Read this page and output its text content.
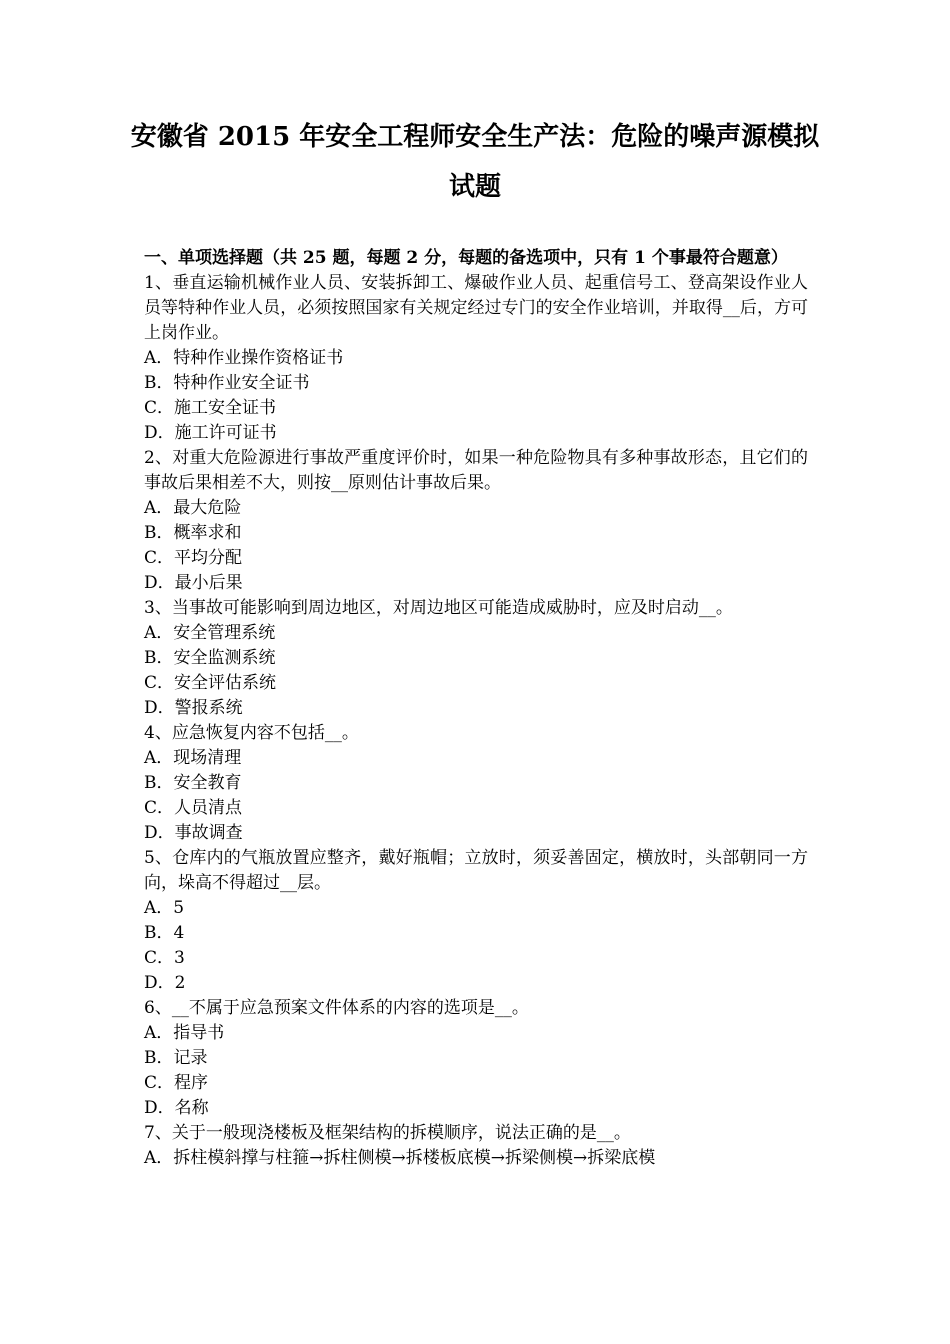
安徽省 2015 年安全工程师安全生产法：危险的噪声源模拟
试题
一、单项选择题（共 25 题，每题 2 分，每题的备选项中，只有 1 个事最符合题意）
1、垂直运输机械作业人员、安装拆卸工、爆破作业人员、起重信号工、登高架设作业人员等特种作业人员，必须按照国家有关规定经过专门的安全作业培训，并取得__后，方可上岗作业。
A．特种作业操作资格证书
B．特种作业安全证书
C．施工安全证书
D．施工许可证书
2、对重大危险源进行事故严重度评价时，如果一种危险物具有多种事故形态，且它们的事故后果相差不大，则按__原则估计事故后果。
A．最大危险
B．概率求和
C．平均分配
D．最小后果
3、当事故可能影响到周边地区，对周边地区可能造成威胁时，应及时启动__。
A．安全管理系统
B．安全监测系统
C．安全评估系统
D．警报系统
4、应急恢复内容不包括__。
A．现场清理
B．安全教育
C．人员清点
D．事故调查
5、仓库内的气瓶放置应整齐，戴好瓶帽；立放时，须妥善固定，横放时，头部朝同一方向，垛高不得超过__层。
A．5
B．4
C．3
D．2
6、__不属于应急预案文件体系的内容的选项是__。
A．指导书
B．记录
C．程序
D．名称
7、关于一般现浇楼板及框架结构的拆模顺序，说法正确的是__。
A．拆柱模斜撑与柱箍→拆柱侧模→拆楼板底模→拆梁侧模→拆梁底模
